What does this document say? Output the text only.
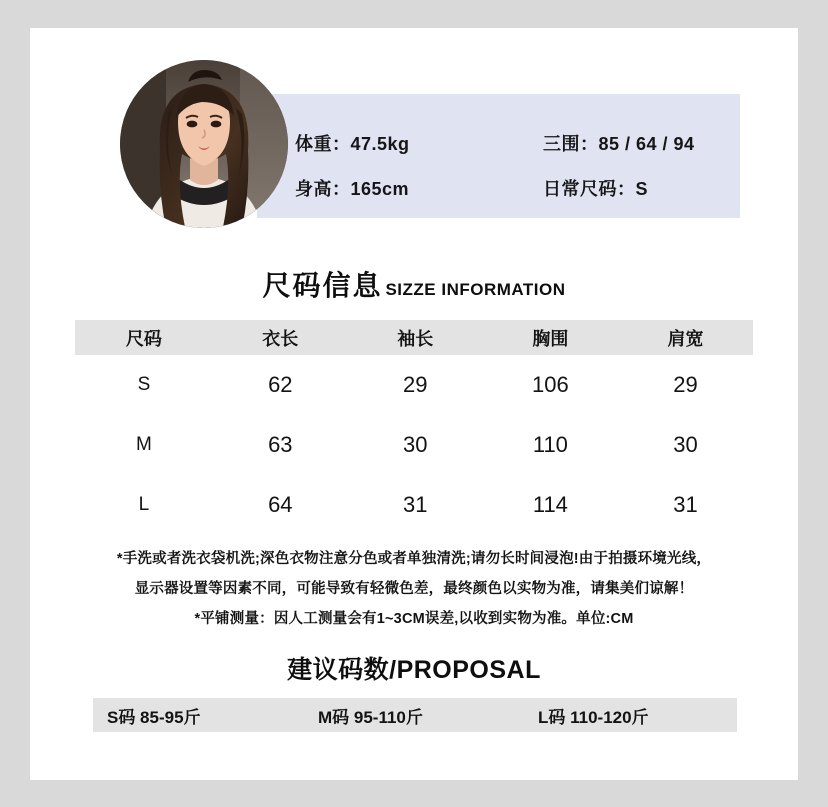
体重：47.5kg
身高：165cm
三围：85 / 64 / 94
日常尺码：S
尺码信息 SIZZE INFORMATION
尺码	衣长	袖长	胸围	肩宽
S	62	29	106	29
M	63	30	110	30
L	64	31	114	31
*手洗或者洗衣袋机洗;深色衣物注意分色或者单独清洗;请勿长时间浸泡!由于拍摄环境光线，
显示器设置等因素不同，可能导致有轻微色差，最终颜色以实物为准，请集美们谅解！
*平铺测量：因人工测量会有1~3CM误差,以收到实物为准。单位:CM
建议码数/PROPOSAL
S码 85-95斤	M码 95-110斤	L码 110-120斤
